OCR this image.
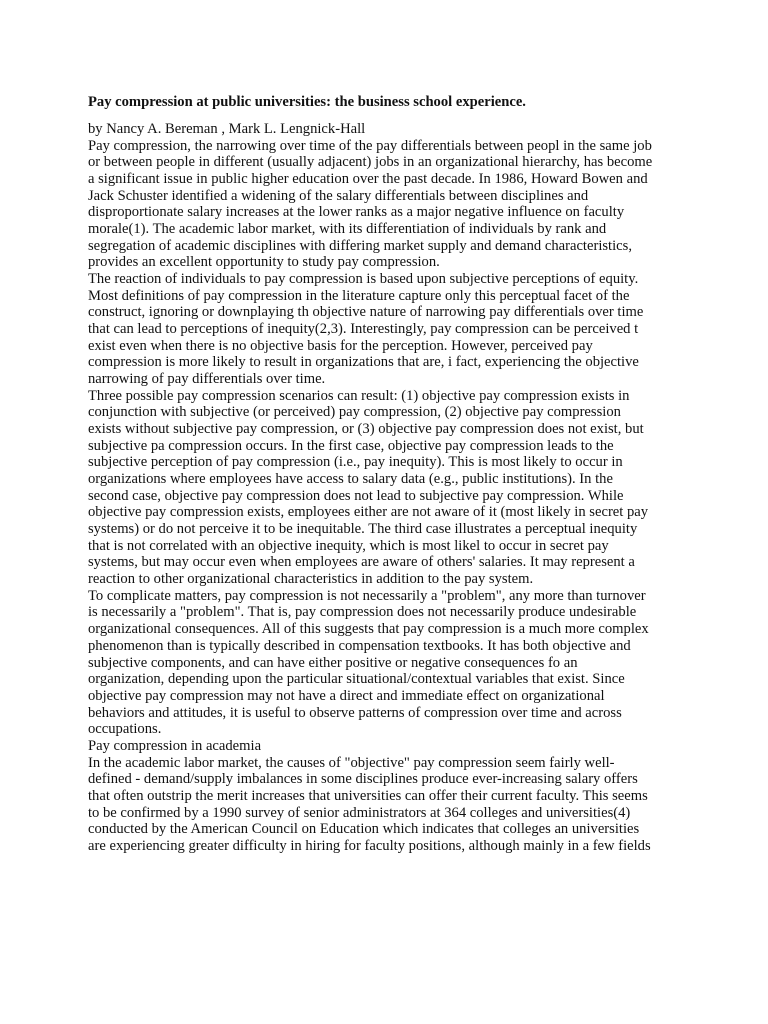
Pay compression at public universities: the business school experience.
by Nancy A. Bereman , Mark L. Lengnick-Hall
Pay compression, the narrowing over time of the pay differentials between peopl in the same job
or between people in different (usually adjacent) jobs in an organizational hierarchy, has become
a significant issue in public higher education over the past decade. In 1986, Howard Bowen and
Jack Schuster identified a widening of the salary differentials between disciplines and
disproportionate salary increases at the lower ranks as a major negative influence on faculty
morale(1). The academic labor market, with its differentiation of individuals by rank and
segregation of academic disciplines with differing market supply and demand characteristics,
provides an excellent opportunity to study pay compression.
The reaction of individuals to pay compression is based upon subjective perceptions of equity.
Most definitions of pay compression in the literature capture only this perceptual facet of the
construct, ignoring or downplaying th objective nature of narrowing pay differentials over time
that can lead to perceptions of inequity(2,3). Interestingly, pay compression can be perceived t
exist even when there is no objective basis for the perception. However, perceived pay
compression is more likely to result in organizations that are, i fact, experiencing the objective
narrowing of pay differentials over time.
Three possible pay compression scenarios can result: (1) objective pay compression exists in
conjunction with subjective (or perceived) pay compression, (2) objective pay compression
exists without subjective pay compression, or (3) objective pay compression does not exist, but
subjective pa compression occurs. In the first case, objective pay compression leads to the
subjective perception of pay compression (i.e., pay inequity). This is most likely to occur in
organizations where employees have access to salary data (e.g., public institutions). In the
second case, objective pay compression does not lead to subjective pay compression. While
objective pay compression exists, employees either are not aware of it (most likely in secret pay
systems) or do not perceive it to be inequitable. The third case illustrates a perceptual inequity
that is not correlated with an objective inequity, which is most likel to occur in secret pay
systems, but may occur even when employees are aware of others' salaries. It may represent a
reaction to other organizational characteristics in addition to the pay system.
To complicate matters, pay compression is not necessarily a "problem", any more than turnover
is necessarily a "problem". That is, pay compression does not necessarily produce undesirable
organizational consequences. All of this suggests that pay compression is a much more complex
phenomenon than is typically described in compensation textbooks. It has both objective and
subjective components, and can have either positive or negative consequences fo an
organization, depending upon the particular situational/contextual variables that exist. Since
objective pay compression may not have a direct and immediate effect on organizational
behaviors and attitudes, it is useful to observe patterns of compression over time and across
occupations.
Pay compression in academia
In the academic labor market, the causes of "objective" pay compression seem fairly well-
defined - demand/supply imbalances in some disciplines produce ever-increasing salary offers
that often outstrip the merit increases that universities can offer their current faculty. This seems
to be confirmed by a 1990 survey of senior administrators at 364 colleges and universities(4)
conducted by the American Council on Education which indicates that colleges an universities
are experiencing greater difficulty in hiring for faculty positions, although mainly in a few fields
